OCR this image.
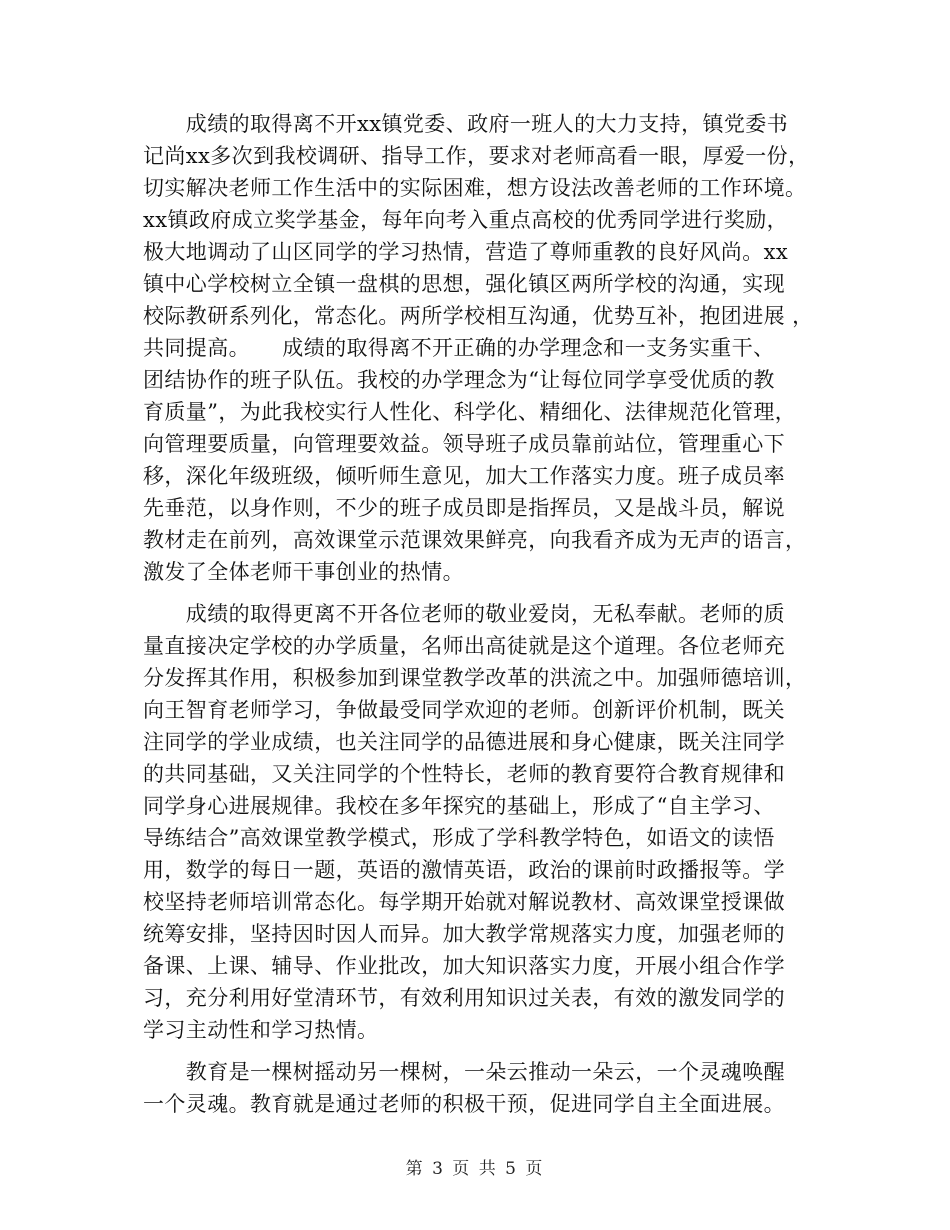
　　成绩的取得离不开xx镇党委、政府一班人的大力支持，镇党委书
记尚xx多次到我校调研、指导工作，要求对老师高看一眼，厚爱一份，
切实解决老师工作生活中的实际困难，想方设法改善老师的工作环境。
xx镇政府成立奖学基金，每年向考入重点高校的优秀同学进行奖励，
极大地调动了山区同学的学习热情，营造了尊师重教的良好风尚。xx
镇中心学校树立全镇一盘棋的思想，强化镇区两所学校的沟通，实现
校际教研系列化，常态化。两所学校相互沟通，优势互补，抱团进展 ，
共同提高。　　成绩的取得离不开正确的办学理念和一支务实重干、
团结协作的班子队伍。我校的办学理念为“让每位同学享受优质的教
育质量”，为此我校实行人性化、科学化、精细化、法律规范化管理，
向管理要质量，向管理要效益。领导班子成员靠前站位，管理重心下
移，深化年级班级，倾听师生意见，加大工作落实力度。班子成员率
先垂范，以身作则，不少的班子成员即是指挥员，又是战斗员，解说
教材走在前列，高效课堂示范课效果鲜亮，向我看齐成为无声的语言，
激发了全体老师干事创业的热情。
　　成绩的取得更离不开各位老师的敬业爱岗，无私奉献。老师的质
量直接决定学校的办学质量，名师出高徒就是这个道理。各位老师充
分发挥其作用，积极参加到课堂教学改革的洪流之中。加强师德培训，
向王智育老师学习，争做最受同学欢迎的老师。创新评价机制，既关
注同学的学业成绩，也关注同学的品德进展和身心健康，既关注同学
的共同基础，又关注同学的个性特长，老师的教育要符合教育规律和
同学身心进展规律。我校在多年探究的基础上，形成了“自主学习、
导练结合”高效课堂教学模式，形成了学科教学特色，如语文的读悟
用，数学的每日一题，英语的激情英语，政治的课前时政播报等。学
校坚持老师培训常态化。每学期开始就对解说教材、高效课堂授课做
统筹安排，坚持因时因人而异。加大教学常规落实力度，加强老师的
备课、上课、辅导、作业批改，加大知识落实力度，开展小组合作学
习，充分利用好堂清环节，有效利用知识过关表，有效的激发同学的
学习主动性和学习热情。
　　教育是一棵树摇动另一棵树，一朵云推动一朵云，一个灵魂唤醒
一个灵魂。教育就是通过老师的积极干预，促进同学自主全面进展。
第 3 页 共 5 页
